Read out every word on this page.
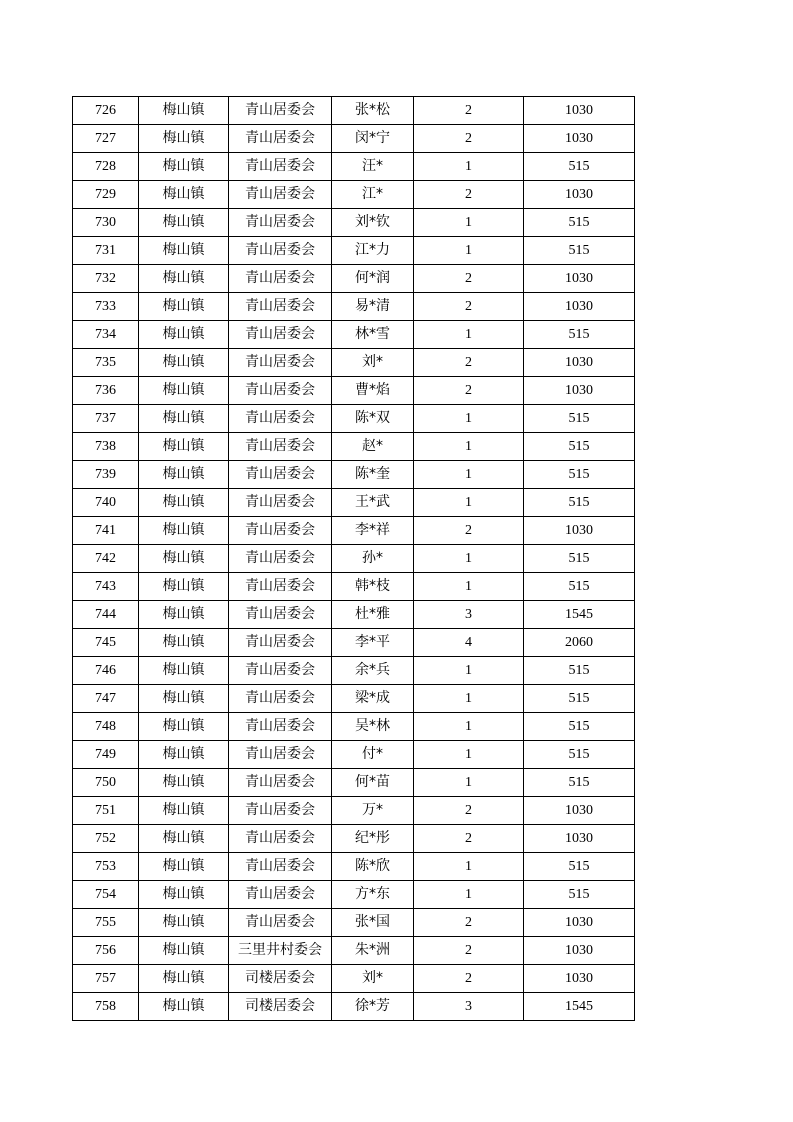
726	梅山镇	青山居委会	张*松	2	1030
727	梅山镇	青山居委会	闵*宁	2	1030
728	梅山镇	青山居委会	汪*	1	515
729	梅山镇	青山居委会	江*	2	1030
730	梅山镇	青山居委会	刘*钦	1	515
731	梅山镇	青山居委会	江*力	1	515
732	梅山镇	青山居委会	何*润	2	1030
733	梅山镇	青山居委会	易*清	2	1030
734	梅山镇	青山居委会	林*雪	1	515
735	梅山镇	青山居委会	刘*	2	1030
736	梅山镇	青山居委会	曹*焰	2	1030
737	梅山镇	青山居委会	陈*双	1	515
738	梅山镇	青山居委会	赵*	1	515
739	梅山镇	青山居委会	陈*奎	1	515
740	梅山镇	青山居委会	王*武	1	515
741	梅山镇	青山居委会	李*祥	2	1030
742	梅山镇	青山居委会	孙*	1	515
743	梅山镇	青山居委会	韩*枝	1	515
744	梅山镇	青山居委会	杜*雅	3	1545
745	梅山镇	青山居委会	李*平	4	2060
746	梅山镇	青山居委会	余*兵	1	515
747	梅山镇	青山居委会	梁*成	1	515
748	梅山镇	青山居委会	吴*林	1	515
749	梅山镇	青山居委会	付*	1	515
750	梅山镇	青山居委会	何*苗	1	515
751	梅山镇	青山居委会	万*	2	1030
752	梅山镇	青山居委会	纪*彤	2	1030
753	梅山镇	青山居委会	陈*欣	1	515
754	梅山镇	青山居委会	方*东	1	515
755	梅山镇	青山居委会	张*国	2	1030
756	梅山镇	三里井村委会	朱*洲	2	1030
757	梅山镇	司楼居委会	刘*	2	1030
758	梅山镇	司楼居委会	徐*芳	3	1545
